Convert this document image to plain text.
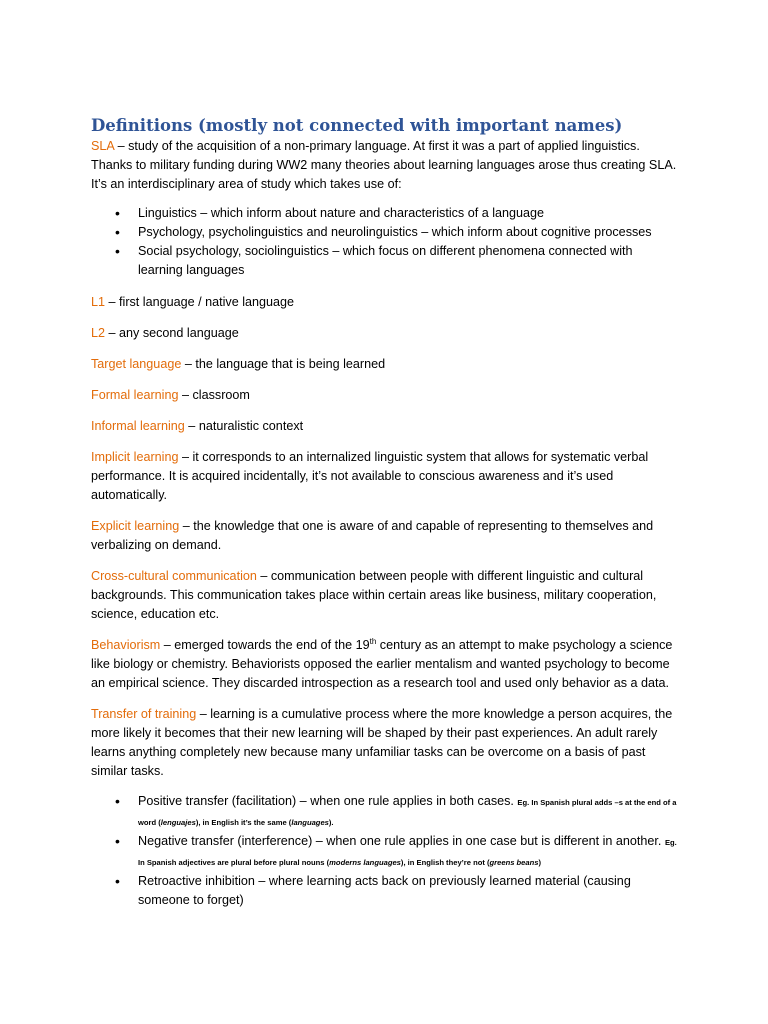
Definitions (mostly not connected with important names)

SLA – study of the acquisition of a non-primary language. At first it was a part of applied linguistics. Thanks to military funding during WW2 many theories about learning languages arose thus creating SLA. It’s an interdisciplinary area of study which takes use of:

• Linguistics – which inform about nature and characteristics of a language
• Psychology, psycholinguistics and neurolinguistics – which inform about cognitive processes
• Social psychology, sociolinguistics – which focus on different phenomena connected with learning languages

L1 – first language / native language

L2 – any second language

Target language – the language that is being learned

Formal learning – classroom

Informal learning – naturalistic context

Implicit learning – it corresponds to an internalized linguistic system that allows for systematic verbal performance. It is acquired incidentally, it’s not available to conscious awareness and it’s used automatically.

Explicit learning – the knowledge that one is aware of and capable of representing to themselves and verbalizing on demand.

Cross-cultural communication – communication between people with different linguistic and cultural backgrounds. This communication takes place within certain areas like business, military cooperation, science, education etc.

Behaviorism – emerged towards the end of the 19th century as an attempt to make psychology a science like biology or chemistry. Behaviorists opposed the earlier mentalism and wanted psychology to become an empirical science. They discarded introspection as a research tool and used only behavior as a data.

Transfer of training – learning is a cumulative process where the more knowledge a person acquires, the more likely it becomes that their new learning will be shaped by their past experiences. An adult rarely learns anything completely new because many unfamiliar tasks can be overcome on a basis of past similar tasks.

• Positive transfer (facilitation) – when one rule applies in both cases. Eg. In Spanish plural adds –s at the end of a word (lenguajes), in English it’s the same (languages).
• Negative transfer (interference) – when one rule applies in one case but is different in another. Eg. In Spanish adjectives are plural before plural nouns (moderns languages), in English they’re not (greens beans)
• Retroactive inhibition – where learning acts back on previously learned material (causing someone to forget)
